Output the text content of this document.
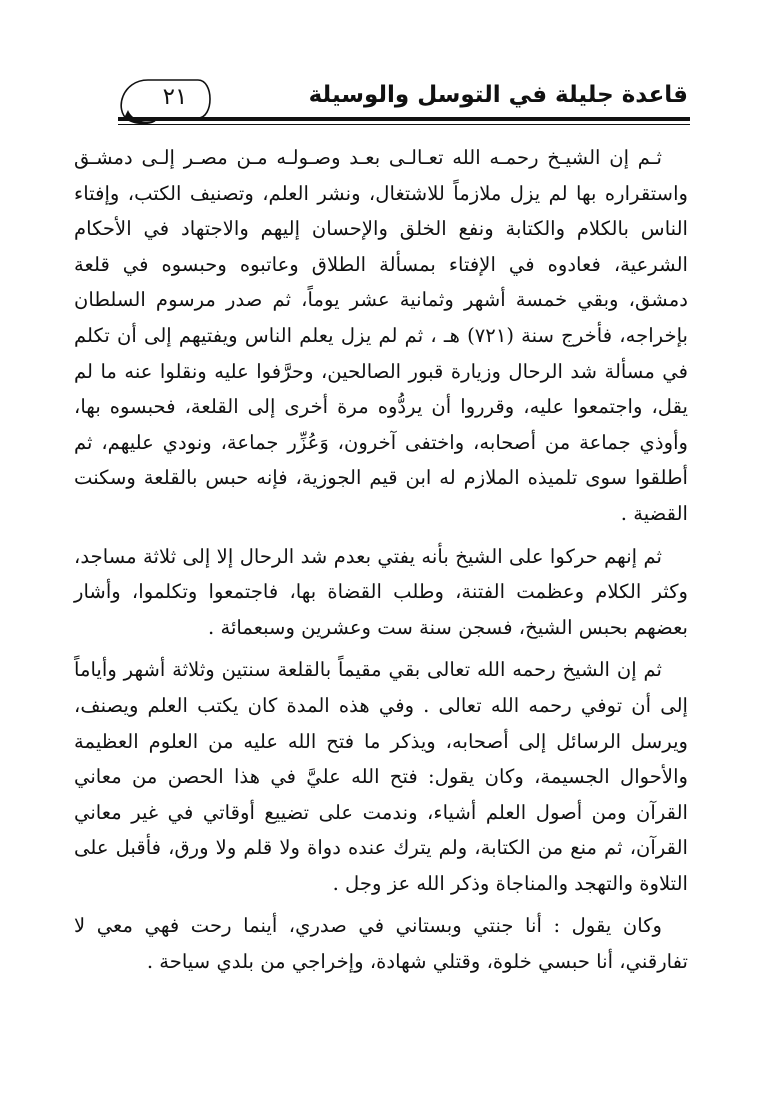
قاعدة جليلة في التوسل والوسيلة
٢١

ثـم إن الشيـخ رحمـه الله تعـالـى بعـد وصـولـه مـن مصـر إلـى دمشـق واستقراره بها لم يزل ملازماً للاشتغال، ونشر العلم، وتصنيف الكتب، وإفتاء الناس بالكلام والكتابة ونفع الخلق والإحسان إليهم والاجتهاد في الأحكام الشرعية، فعادوه في الإفتاء بمسألة الطلاق وعاتبوه وحبسوه في قلعة دمشق، وبقي خمسة أشهر وثمانية عشر يوماً، ثم صدر مرسوم السلطان بإخراجه، فأخرج سنة (٧٢١) هـ ، ثم لم يزل يعلم الناس ويفتيهم إلى أن تكلم في مسألة شد الرحال وزيارة قبور الصالحين، وحرَّفوا عليه ونقلوا عنه ما لم يقل، واجتمعوا عليه، وقرروا أن يردُّوه مرة أخرى إلى القلعة، فحبسوه بها، وأوذي جماعة من أصحابه، واختفى آخرون، وَعُزِّر جماعة، ونودي عليهم، ثم أطلقوا سوى تلميذه الملازم له ابن قيم الجوزية، فإنه حبس بالقلعة وسكنت القضية .

ثم إنهم حركوا على الشيخ بأنه يفتي بعدم شد الرحال إلا إلى ثلاثة مساجد، وكثر الكلام وعظمت الفتنة، وطلب القضاة بها، فاجتمعوا وتكلموا، وأشار بعضهم بحبس الشيخ، فسجن سنة ست وعشرين وسبعمائة .

ثم إن الشيخ رحمه الله تعالى بقي مقيماً بالقلعة سنتين وثلاثة أشهر وأياماً إلى أن توفي رحمه الله تعالى . وفي هذه المدة كان يكتب العلم ويصنف، ويرسل الرسائل إلى أصحابه، ويذكر ما فتح الله عليه من العلوم العظيمة والأحوال الجسيمة، وكان يقول: فتح الله عليَّ في هذا الحصن من معاني القرآن ومن أصول العلم أشياء، وندمت على تضييع أوقاتي في غير معاني القرآن، ثم منع من الكتابة، ولم يترك عنده دواة ولا قلم ولا ورق، فأقبل على التلاوة والتهجد والمناجاة وذكر الله عز وجل .

وكان يقول : أنا جنتي وبستاني في صدري، أينما رحت فهي معي لا تفارقني، أنا حبسي خلوة، وقتلي شهادة، وإخراجي من بلدي سياحة .
